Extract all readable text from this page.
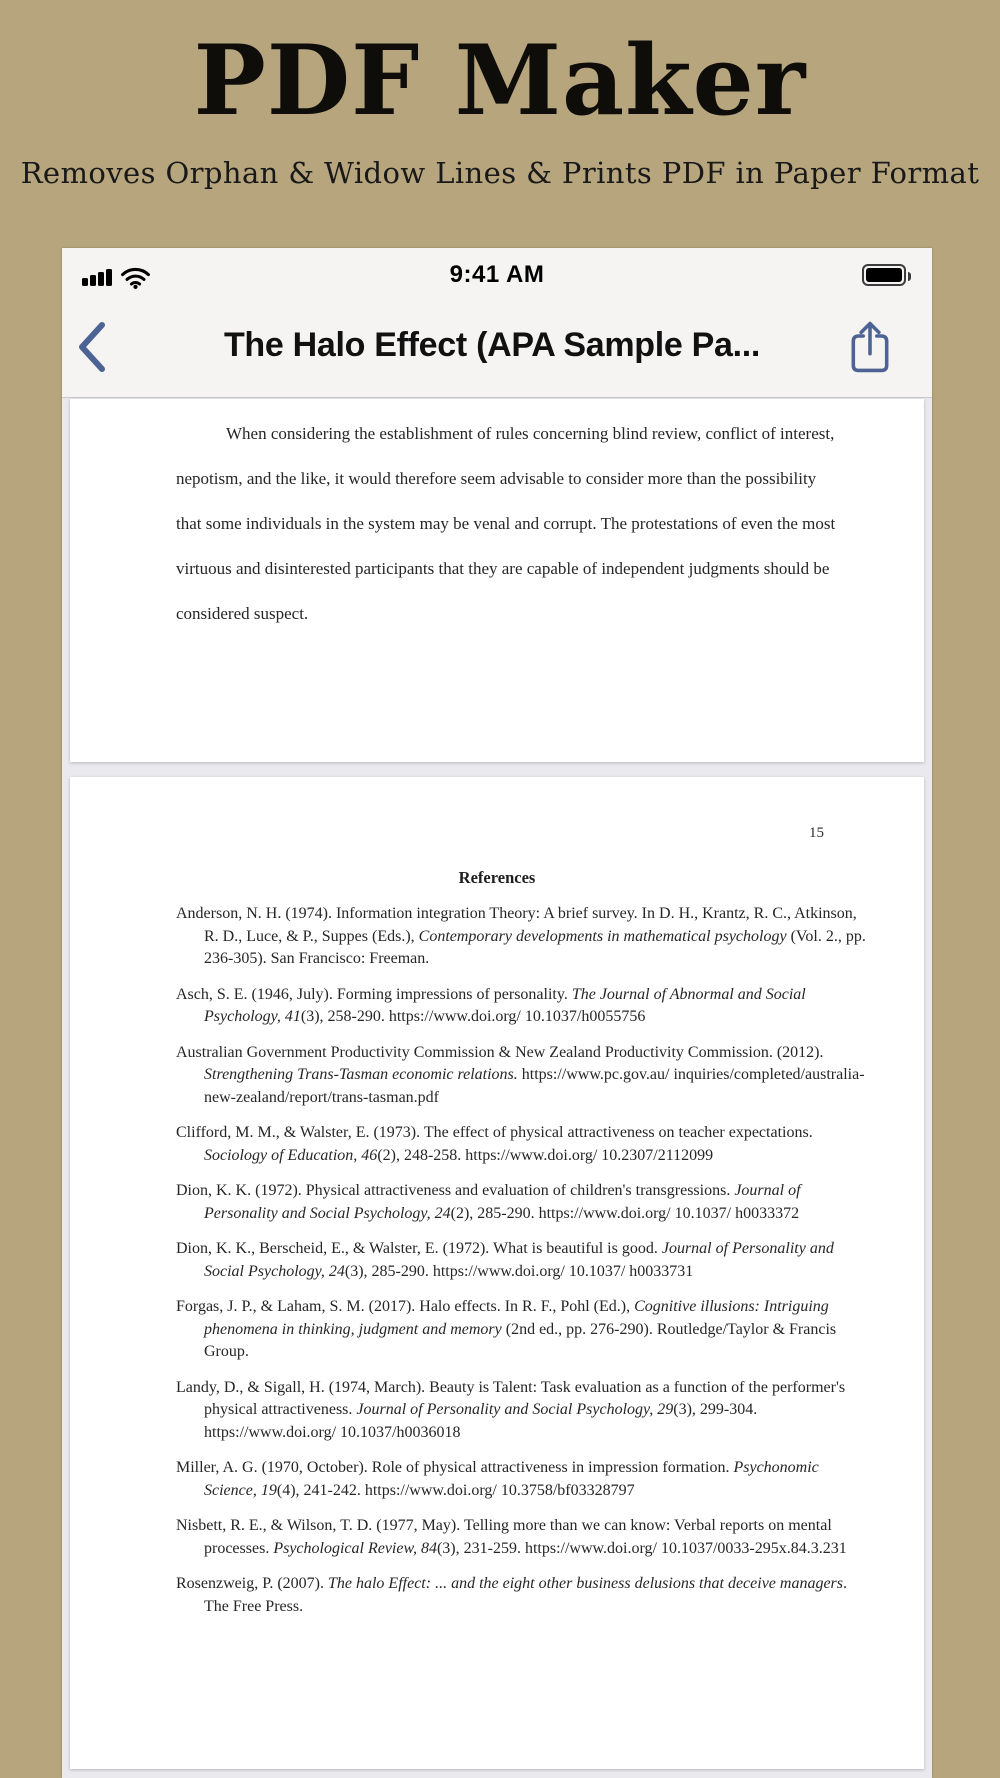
PDF Maker

Removes Orphan & Widow Lines & Prints PDF in Paper Format

9:41 AM
The Halo Effect (APA Sample Pa...
When considering the establishment of rules concerning blind review, conflict of interest,
nepotism, and the like, it would therefore seem advisable to consider more than the possibility
that some individuals in the system may be venal and corrupt. The protestations of even the most
virtuous and disinterested participants that they are capable of independent judgments should be
considered suspect.
15
References
Anderson, N. H. (1974). Information integration Theory: A brief survey. In D. H., Krantz, R. C., Atkinson, R. D., Luce, & P., Suppes (Eds.), Contemporary developments in mathematical psychology (Vol. 2., pp. 236-305). San Francisco: Freeman.
Asch, S. E. (1946, July). Forming impressions of personality. The Journal of Abnormal and Social Psychology, 41(3), 258-290. https://www.doi.org/ 10.1037/h0055756
Australian Government Productivity Commission & New Zealand Productivity Commission. (2012). Strengthening Trans-Tasman economic relations. https://www.pc.gov.au/ inquiries/completed/australia-new-zealand/report/trans-tasman.pdf
Clifford, M. M., & Walster, E. (1973). The effect of physical attractiveness on teacher expectations. Sociology of Education, 46(2), 248-258. https://www.doi.org/ 10.2307/2112099
Dion, K. K. (1972). Physical attractiveness and evaluation of children's transgressions. Journal of Personality and Social Psychology, 24(2), 285-290. https://www.doi.org/ 10.1037/ h0033372
Dion, K. K., Berscheid, E., & Walster, E. (1972). What is beautiful is good. Journal of Personality and Social Psychology, 24(3), 285-290. https://www.doi.org/ 10.1037/ h0033731
Forgas, J. P., & Laham, S. M. (2017). Halo effects. In R. F., Pohl (Ed.), Cognitive illusions: Intriguing phenomena in thinking, judgment and memory (2nd ed., pp. 276-290). Routledge/Taylor & Francis Group.
Landy, D., & Sigall, H. (1974, March). Beauty is Talent: Task evaluation as a function of the performer's physical attractiveness. Journal of Personality and Social Psychology, 29(3), 299-304. https://www.doi.org/ 10.1037/h0036018
Miller, A. G. (1970, October). Role of physical attractiveness in impression formation. Psychonomic Science, 19(4), 241-242. https://www.doi.org/ 10.3758/bf03328797
Nisbett, R. E., & Wilson, T. D. (1977, May). Telling more than we can know: Verbal reports on mental processes. Psychological Review, 84(3), 231-259. https://www.doi.org/ 10.1037/0033-295x.84.3.231
Rosenzweig, P. (2007). The halo Effect: ... and the eight other business delusions that deceive managers. The Free Press.
